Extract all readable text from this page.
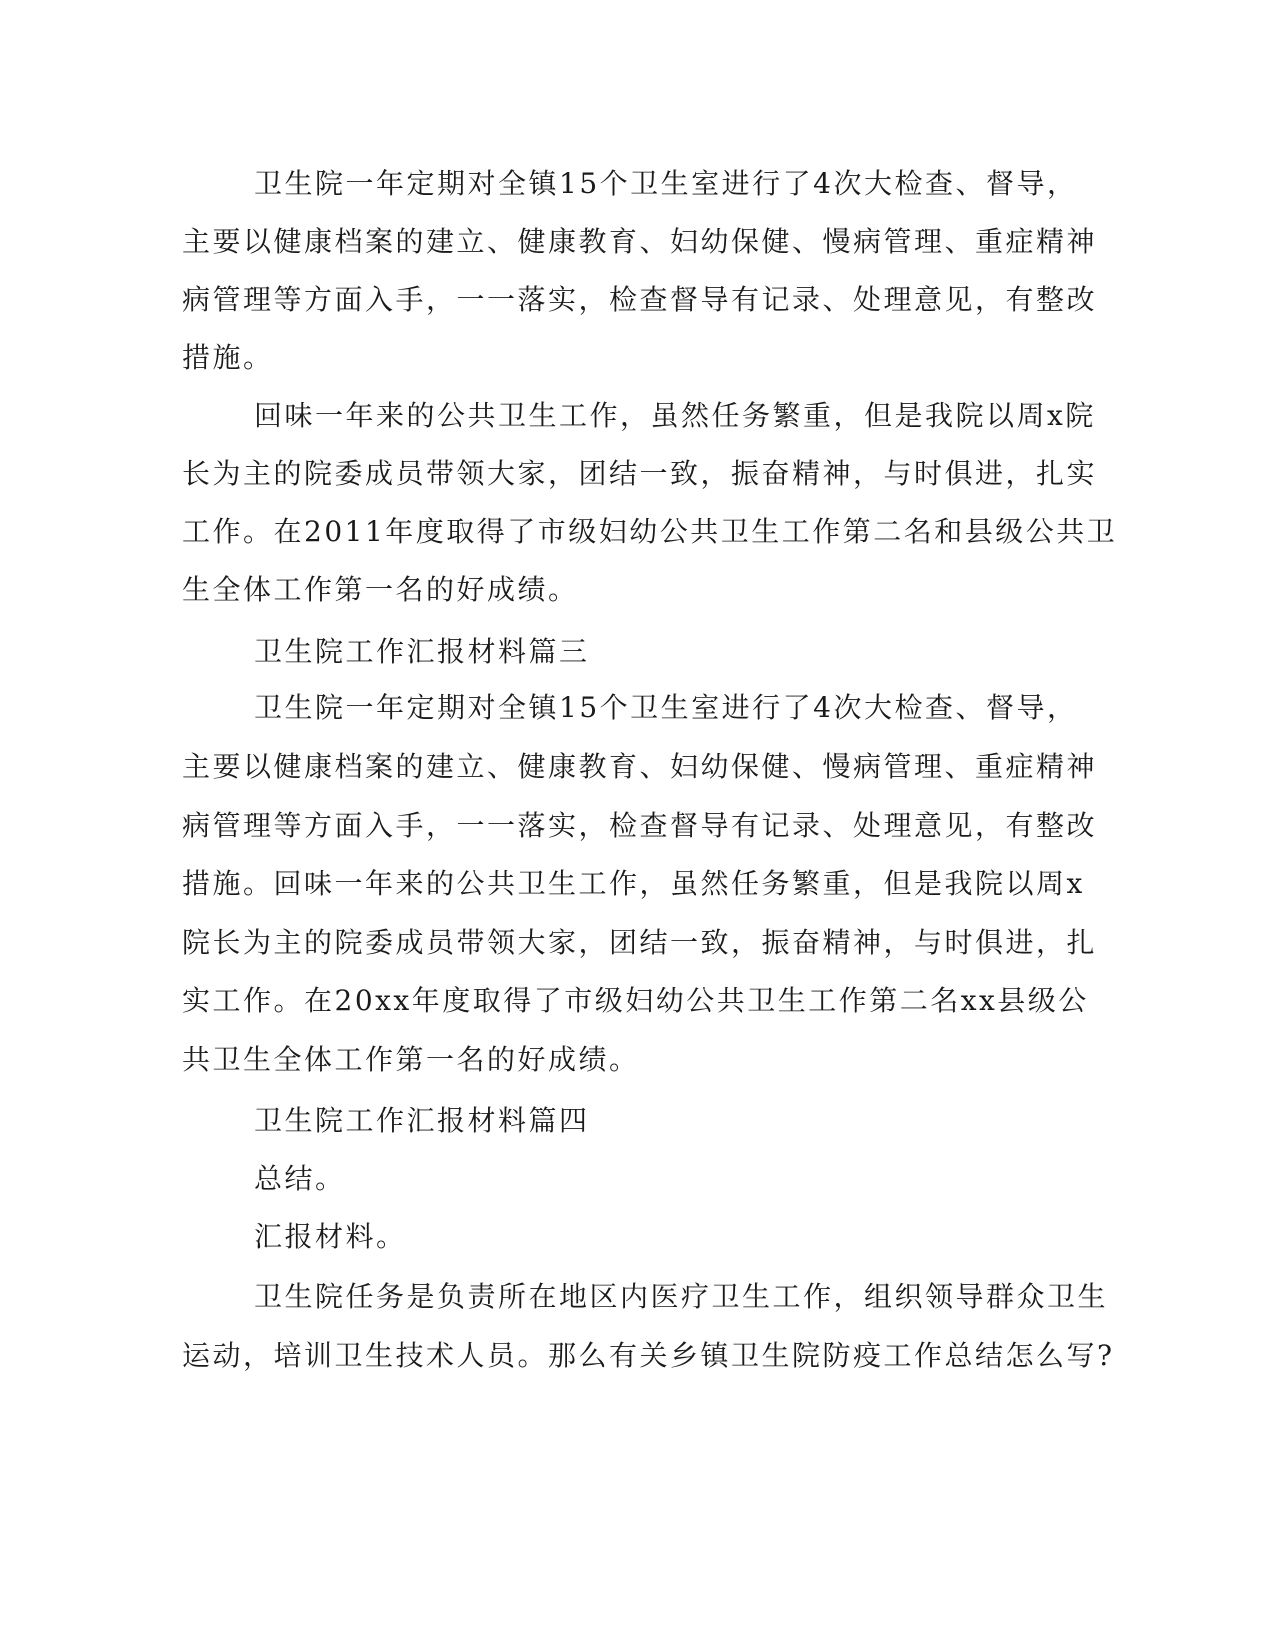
卫生院一年定期对全镇15个卫生室进行了4次大检查、督导，

主要以健康档案的建立、健康教育、妇幼保健、慢病管理、重症精神

病管理等方面入手，一一落实，检查督导有记录、处理意见，有整改

措施。

回味一年来的公共卫生工作，虽然任务繁重，但是我院以周x院

长为主的院委成员带领大家，团结一致，振奋精神，与时俱进，扎实

工作。在2011年度取得了市级妇幼公共卫生工作第二名和县级公共卫

生全体工作第一名的好成绩。

卫生院工作汇报材料篇三

卫生院一年定期对全镇15个卫生室进行了4次大检查、督导，

主要以健康档案的建立、健康教育、妇幼保健、慢病管理、重症精神

病管理等方面入手，一一落实，检查督导有记录、处理意见，有整改

措施。回味一年来的公共卫生工作，虽然任务繁重，但是我院以周x

院长为主的院委成员带领大家，团结一致，振奋精神，与时俱进，扎

实工作。在20xx年度取得了市级妇幼公共卫生工作第二名xx县级公

共卫生全体工作第一名的好成绩。

卫生院工作汇报材料篇四

总结。

汇报材料。

卫生院任务是负责所在地区内医疗卫生工作，组织领导群众卫生

运动，培训卫生技术人员。那么有关乡镇卫生院防疫工作总结怎么写?
